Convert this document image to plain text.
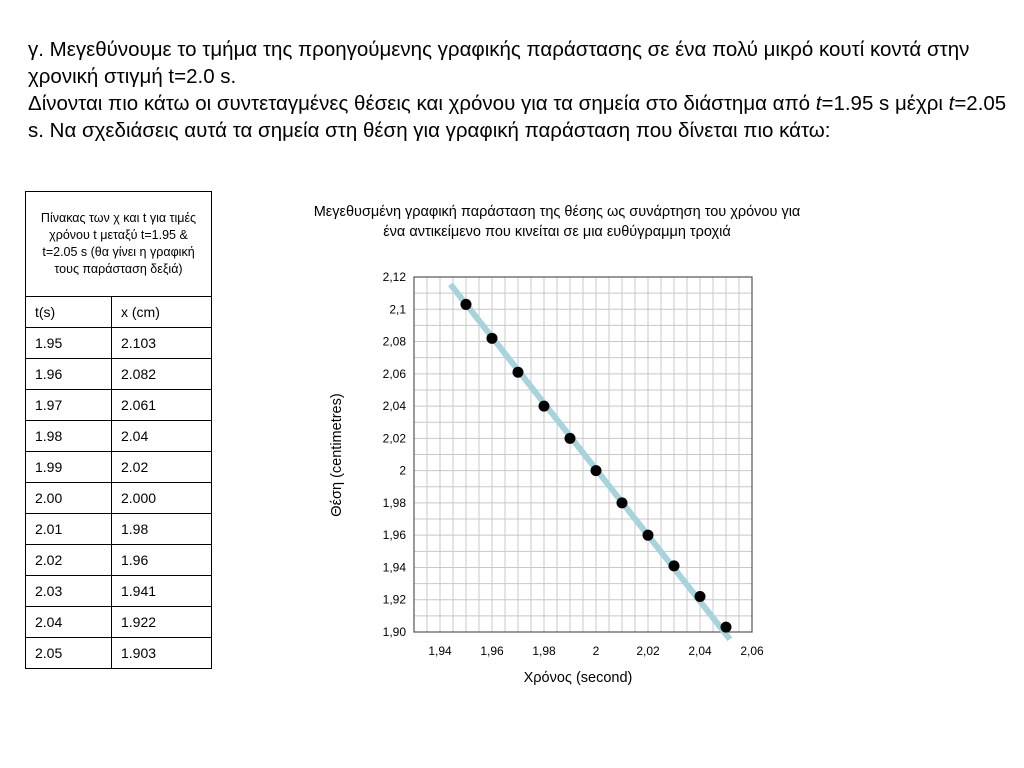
γ. Μεγεθύνουμε το τμήμα της προηγούμενης γραφικής παράστασης σε ένα πολύ μικρό κουτί κοντά στην χρονική στιγμή t=2.0 s.

Δίνονται πιο κάτω οι συντεταγμένες θέσεις και χρόνου για τα σημεία στο διάστημα από t=1.95 s μέχρι t=2.05 s. Να σχεδιάσεις αυτά τα σημεία στη θέση για γραφική παράσταση που δίνεται πιο κάτω:

Πίνακας των χ και t για τιμές χρόνου t μεταξύ t=1.95 & t=2.05 s (θα γίνει η γραφική τους παράσταση δεξιά)	
t(s)	x (cm)
1.95	2.103
1.96	2.082
1.97	2.061
1.98	2.04
1.99	2.02
2.00	2.000
2.01	1.98
2.02	1.96
2.03	1.941
2.04	1.922
2.05	1.903
Μεγεθυσμένη γραφική παράσταση της θέσης ως συνάρτηση του χρόνου για ένα αντικείμενο που κινείται σε μια ευθύγραμμη τροχιά
1,90
1,92
1,94
1,96
1,98
2
2,02
2,04
2,06
2,08
2,1
2,12
1,94 1,96 1,98	2	2,02 2,04 2,06
Χρόνος (second)
Θέση (centimetres)
